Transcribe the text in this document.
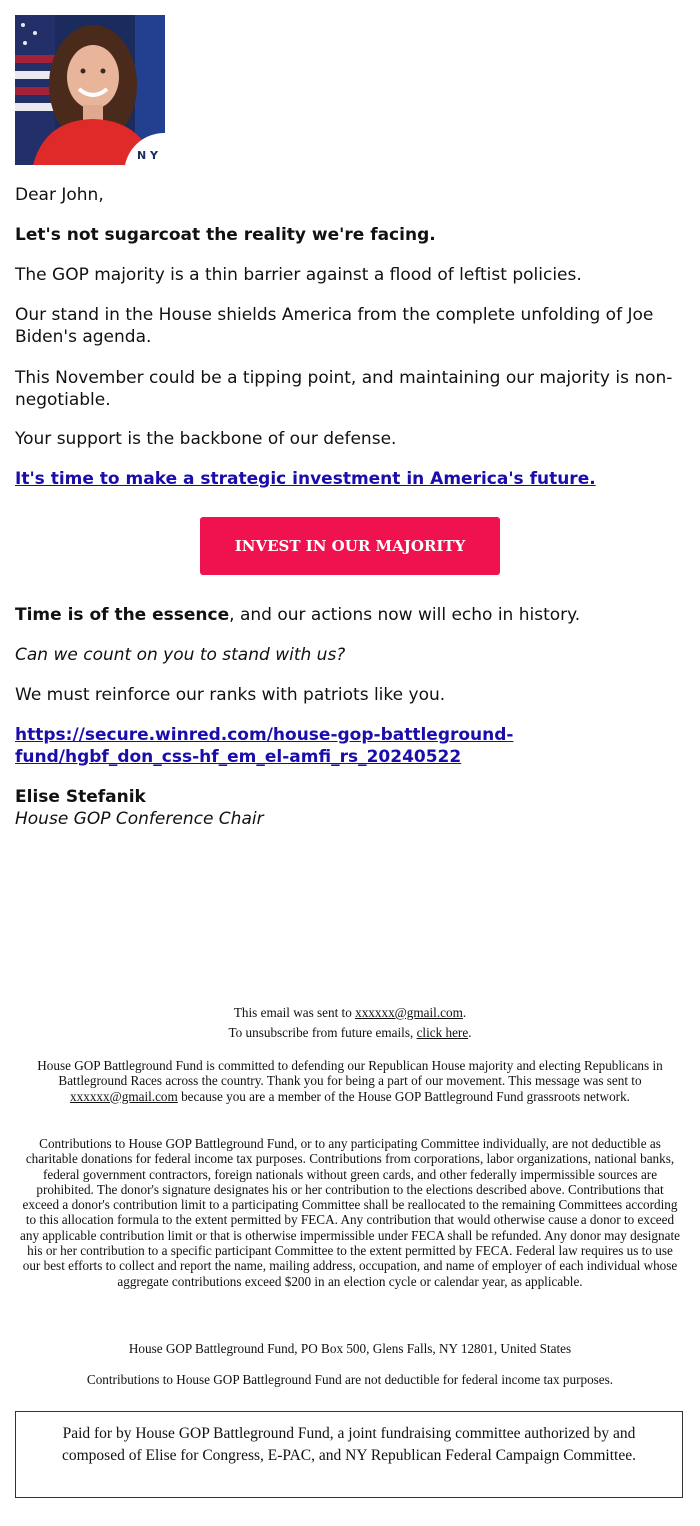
N Y

Dear John,

Let's not sugarcoat the reality we're facing.

The GOP majority is a thin barrier against a flood of leftist policies.

Our stand in the House shields America from the complete unfolding of Joe Biden's agenda.

This November could be a tipping point, and maintaining our majority is non-negotiable.

Your support is the backbone of our defense.

It's time to make a strategic investment in America's future.

INVEST IN OUR MAJORITY

Time is of the essence, and our actions now will echo in history.

Can we count on you to stand with us?

We must reinforce our ranks with patriots like you.

https://secure.winred.com/house-gop-battleground-
fund/hgbf_don_css-hf_em_el-amfi_rs_20240522

Elise Stefanik

House GOP Conference Chair

This email was sent to xxxxxx@gmail.com.

To unsubscribe from future emails, click here.

House GOP Battleground Fund is committed to defending our Republican House majority and electing Republicans in Battleground Races across the country. Thank you for being a part of our movement. This message was sent to xxxxxx@gmail.com because you are a member of the House GOP Battleground Fund grassroots network.

Contributions to House GOP Battleground Fund, or to any participating Committee individually, are not deductible as charitable donations for federal income tax purposes. Contributions from corporations, labor organizations, national banks, federal government contractors, foreign nationals without green cards, and other federally impermissible sources are prohibited. The donor's signature designates his or her contribution to the elections described above. Contributions that exceed a donor's contribution limit to a participating Committee shall be reallocated to the remaining Committees according to this allocation formula to the extent permitted by FECA. Any contribution that would otherwise cause a donor to exceed any applicable contribution limit or that is otherwise impermissible under FECA shall be refunded. Any donor may designate his or her contribution to a specific participant Committee to the extent permitted by FECA. Federal law requires us to use our best efforts to collect and report the name, mailing address, occupation, and name of employer of each individual whose aggregate contributions exceed $200 in an election cycle or calendar year, as applicable.

House GOP Battleground Fund, PO Box 500, Glens Falls, NY 12801, United States

Contributions to House GOP Battleground Fund are not deductible for federal income tax purposes.

Paid for by House GOP Battleground Fund, a joint fundraising committee authorized by and composed of Elise for Congress, E-PAC, and NY Republican Federal Campaign Committee.
